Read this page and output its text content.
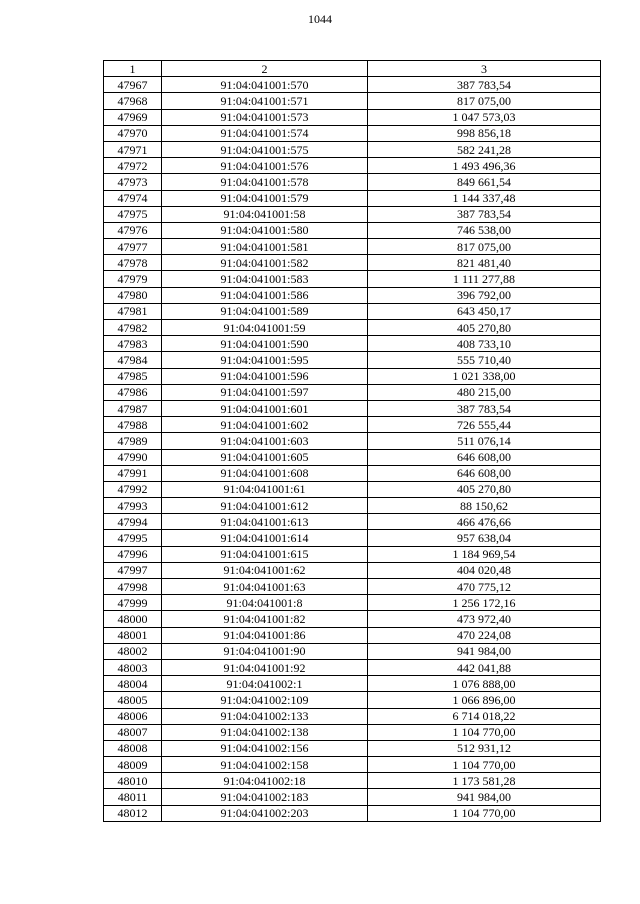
1044
1	2	3
47967	91:04:041001:570	387 783,54
47968	91:04:041001:571	817 075,00
47969	91:04:041001:573	1 047 573,03
47970	91:04:041001:574	998 856,18
47971	91:04:041001:575	582 241,28
47972	91:04:041001:576	1 493 496,36
47973	91:04:041001:578	849 661,54
47974	91:04:041001:579	1 144 337,48
47975	91:04:041001:58	387 783,54
47976	91:04:041001:580	746 538,00
47977	91:04:041001:581	817 075,00
47978	91:04:041001:582	821 481,40
47979	91:04:041001:583	1 111 277,88
47980	91:04:041001:586	396 792,00
47981	91:04:041001:589	643 450,17
47982	91:04:041001:59	405 270,80
47983	91:04:041001:590	408 733,10
47984	91:04:041001:595	555 710,40
47985	91:04:041001:596	1 021 338,00
47986	91:04:041001:597	480 215,00
47987	91:04:041001:601	387 783,54
47988	91:04:041001:602	726 555,44
47989	91:04:041001:603	511 076,14
47990	91:04:041001:605	646 608,00
47991	91:04:041001:608	646 608,00
47992	91:04:041001:61	405 270,80
47993	91:04:041001:612	88 150,62
47994	91:04:041001:613	466 476,66
47995	91:04:041001:614	957 638,04
47996	91:04:041001:615	1 184 969,54
47997	91:04:041001:62	404 020,48
47998	91:04:041001:63	470 775,12
47999	91:04:041001:8	1 256 172,16
48000	91:04:041001:82	473 972,40
48001	91:04:041001:86	470 224,08
48002	91:04:041001:90	941 984,00
48003	91:04:041001:92	442 041,88
48004	91:04:041002:1	1 076 888,00
48005	91:04:041002:109	1 066 896,00
48006	91:04:041002:133	6 714 018,22
48007	91:04:041002:138	1 104 770,00
48008	91:04:041002:156	512 931,12
48009	91:04:041002:158	1 104 770,00
48010	91:04:041002:18	1 173 581,28
48011	91:04:041002:183	941 984,00
48012	91:04:041002:203	1 104 770,00
